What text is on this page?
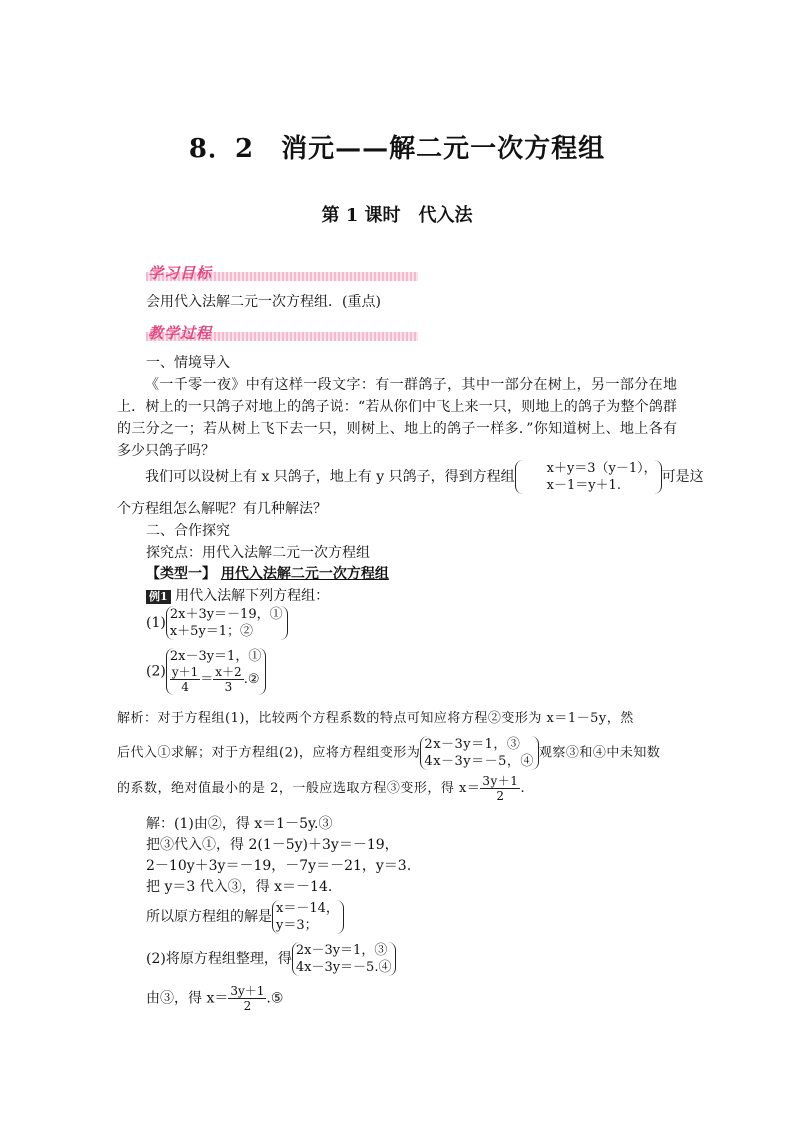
8．2　消元——解二元一次方程组
第 1 课时　代入法
学习目标
会用代入法解二元一次方程组．(重点)
教学过程
一、情境导入
《一千零一夜》中有这样一段文字：有一群鸽子，其中一部分在树上，另一部分在地上．树上的一只鸽子对地上的鸽子说：“若从你们中飞上来一只，则地上的鸽子为整个鸽群的三分之一；若从树上飞下去一只，则树上、地上的鸽子一样多．”你知道树上、地上各有多少只鸽子吗？
我们可以设树上有 x 只鸽子，地上有 y 只鸽子，得到方程组
x＋y＝3（y－1），
x－1＝y＋1.
可是这
个方程组怎么解呢？有几种解法？
二、合作探究
探究点：用代入法解二元一次方程组
【类型一】 用代入法解二元一次方程组
例1 用代入法解下列方程组：
(1)
2x＋3y＝－19，①
x＋5y＝1；②
(2)
2x－3y＝1，①
$\frac{y+1}{4} = \frac{x+2}{3}$ .②
解析：对于方程组(1)，比较两个方程系数的特点可知应将方程②变形为 x＝1－5y，然
后代入①求解；对于方程组(2)，应将方程组变形为
2x－3y＝1，③
4x－3y＝－5，④
观察③和④中未知数
的系数，绝对值最小的是 2，一般应选取方程③变形，得 $x= \frac{3y+1}{2}$ .
解：(1)由②，得 x＝1－5y.③
把③代入①，得 2(1－5y)＋3y＝－19，
2－10y＋3y＝－19，－7y＝－21，y＝3.
把 y＝3 代入③，得 x＝－14.
所以原方程组的解是
x＝－14，
y＝3；
(2)将原方程组整理，得
2x－3y＝1，③
4x－3y＝－5.④
由③，得 $x= \frac{3y+1}{2}$ .⑤
